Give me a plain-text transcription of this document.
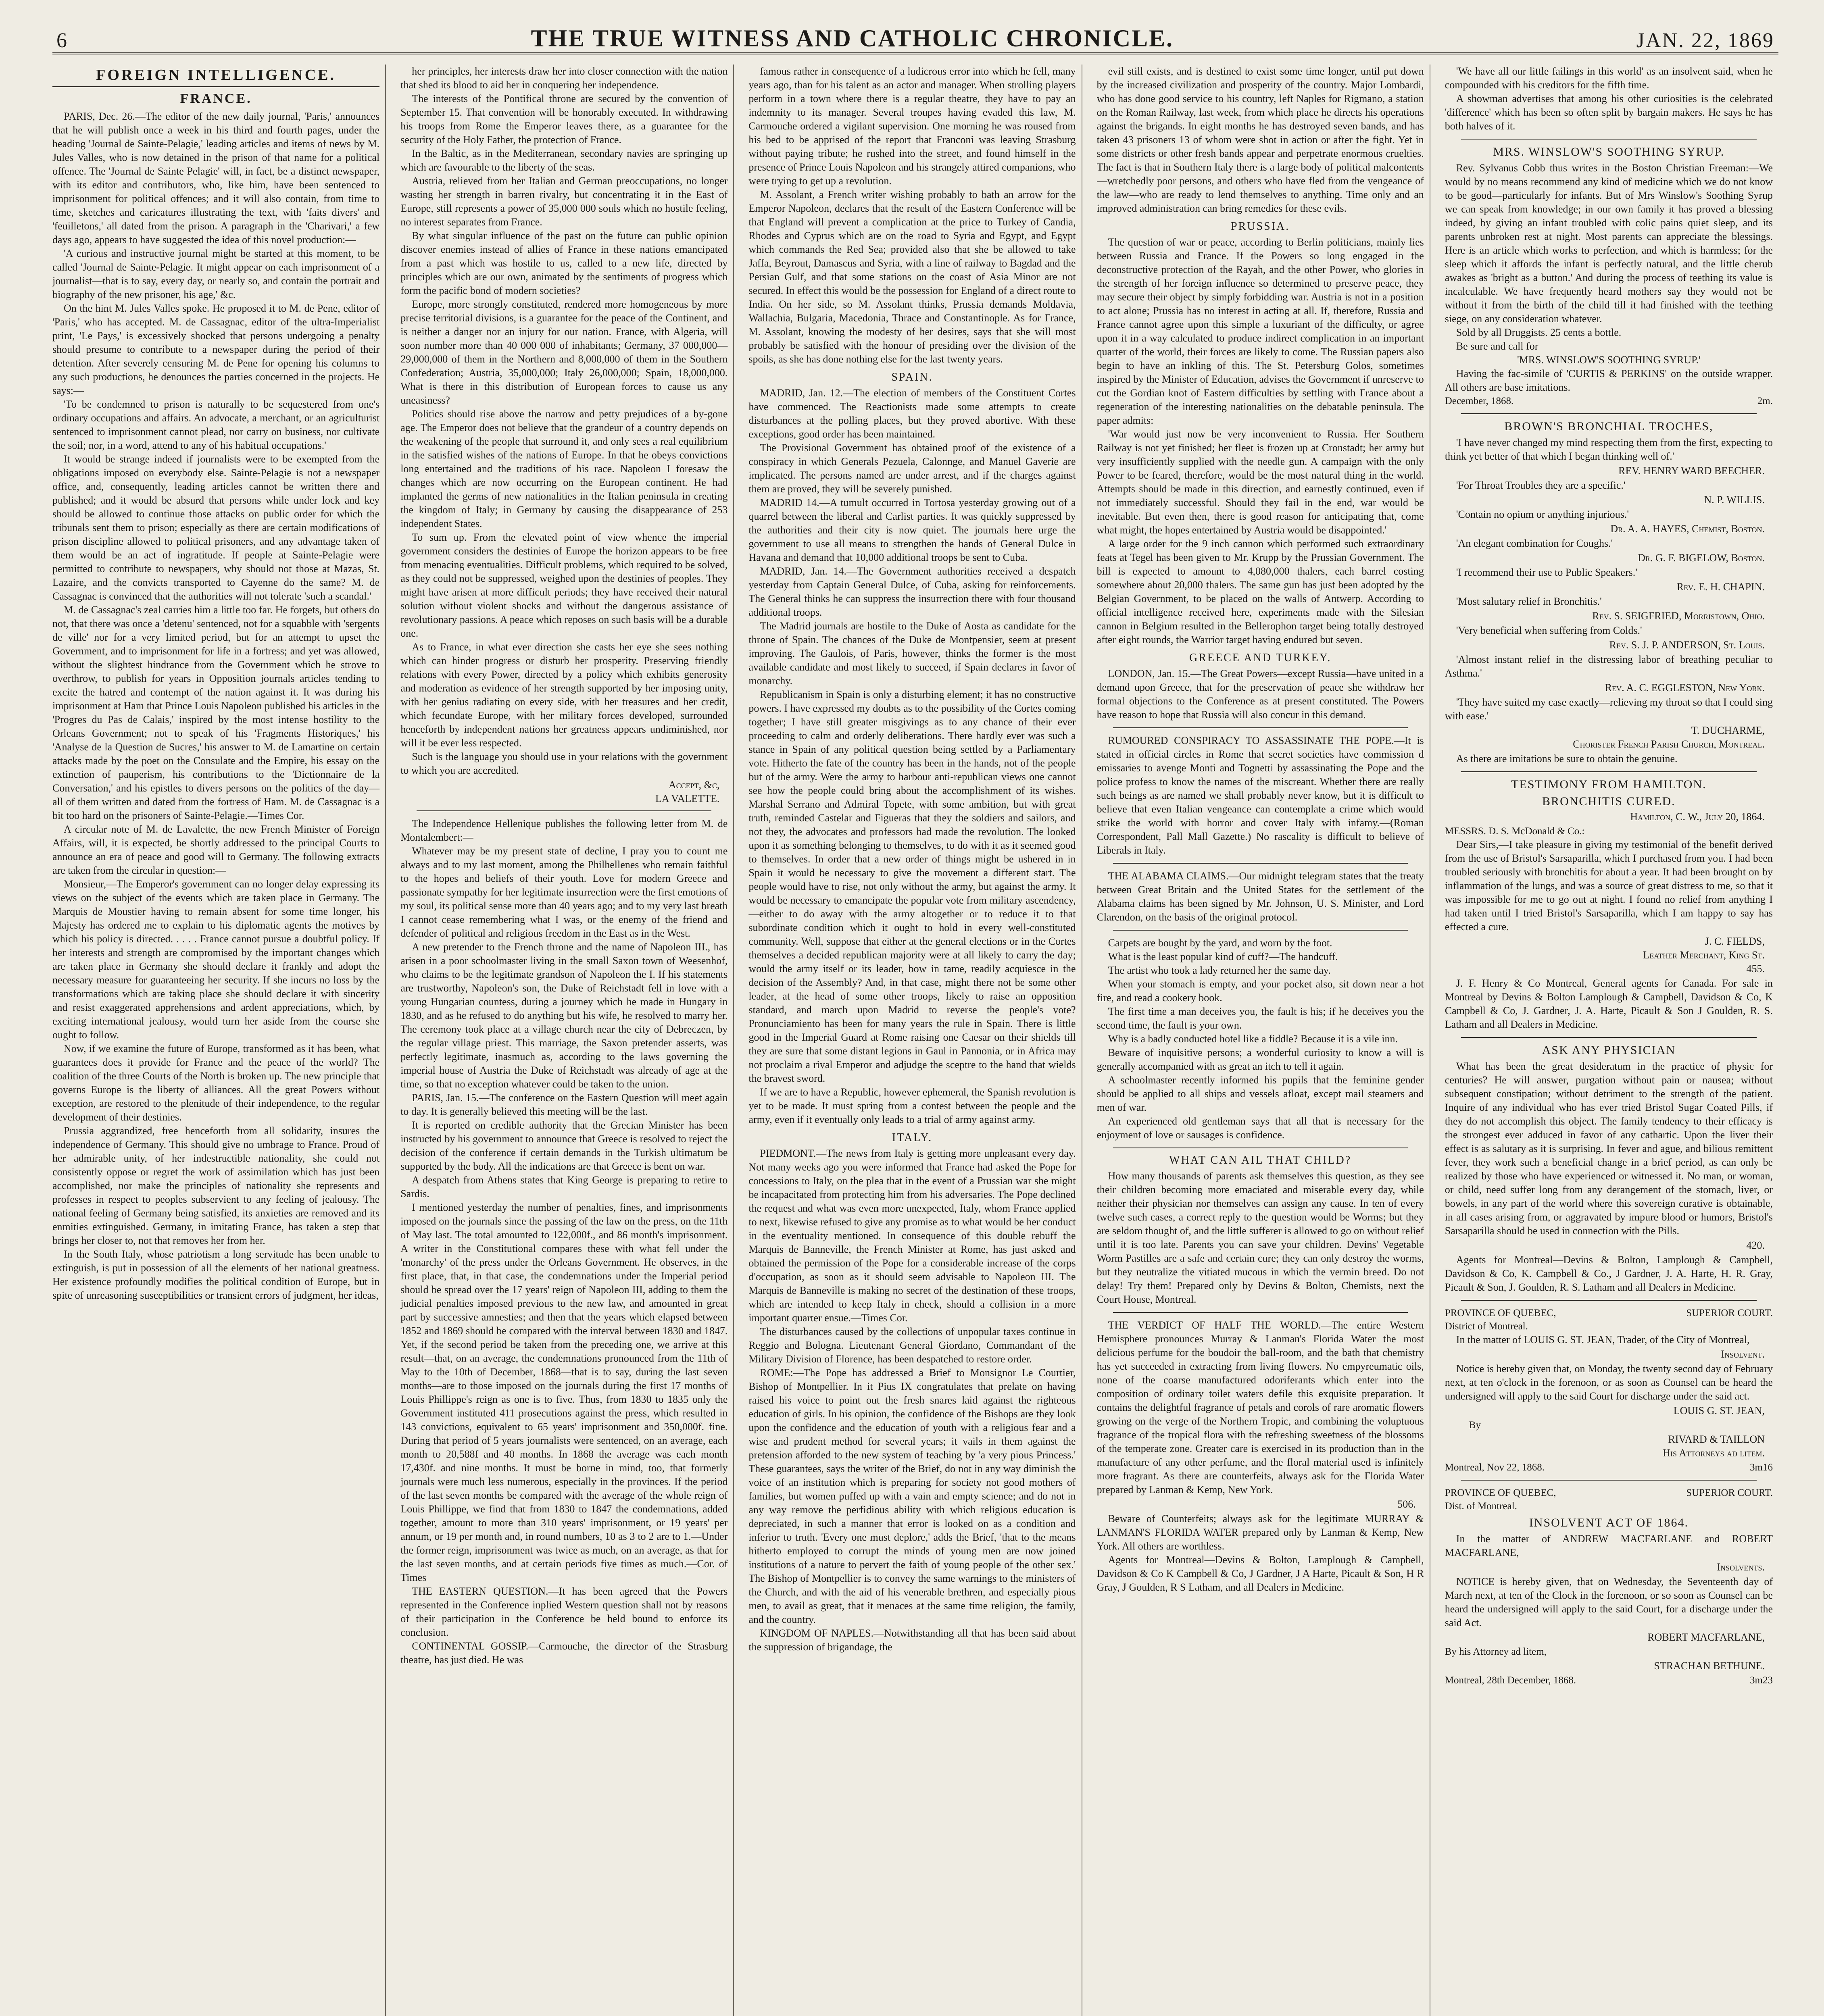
6	THE TRUE WITNESS AND CATHOLIC CHRONICLE.	JAN. 22, 1869
FOREIGN INTELLIGENCE.
FRANCE.

PARIS, Dec. 26.—The editor of the new daily journal, 'Paris,' announces that he will publish once a week in his third and fourth pages, under the heading 'Journal de Sainte-Pelagie,' leading articles and items of news by M. Jules Valles, who is now detained in the prison of that name for a political offence. The 'Journal de Sainte Pelagie' will, in fact, be a distinct newspaper, with its editor and contributors, who, like him, have been sentenced to imprisonment for political offences; and it will also contain, from time to time, sketches and caricatures illustrating the text, with 'faits divers' and 'feuilletons,' all dated from the prison. A paragraph in the 'Charivari,' a few days ago, appears to have suggested the idea of this novel production:—

'A curious and instructive journal might be started at this moment, to be called 'Journal de Sainte-Pelagie. It might appear on each imprisonment of a journalist—that is to say, every day, or nearly so, and contain the portrait and biography of the new prisoner, his age,' &c.

On the hint M. Jules Valles spoke. He proposed it to M. de Pene, editor of 'Paris,' who has accepted. M. de Cassagnac, editor of the ultra-Imperialist print, 'Le Pays,' is excessively shocked that persons undergoing a penalty should presume to contribute to a newspaper during the period of their detention. After severely censuring M. de Pene for opening his columns to any such productions, he denounces the parties concerned in the projects. He says:—

'To be condemned to prison is naturally to be sequestered from one's ordinary occupations and affairs. An advocate, a merchant, or an agriculturist sentenced to imprisonment cannot plead, nor carry on business, nor cultivate the soil; nor, in a word, attend to any of his habitual occupations.'

It would be strange indeed if journalists were to be exempted from the obligations imposed on everybody else. Sainte-Pelagie is not a newspaper office, and, consequently, leading articles cannot be written there and published; and it would be absurd that persons while under lock and key should be allowed to continue those attacks on public order for which the tribunals sent them to prison; especially as there are certain modifications of prison discipline allowed to political prisoners, and any advantage taken of them would be an act of ingratitude. If people at Sainte-Pelagie were permitted to contribute to newspapers, why should not those at Mazas, St. Lazaire, and the convicts transported to Cayenne do the same? M. de Cassagnac is convinced that the authorities will not tolerate 'such a scandal.'

M. de Cassagnac's zeal carries him a little too far. He forgets, but others do not, that there was once a 'detenu' sentenced, not for a squabble with 'sergents de ville' nor for a very limited period, but for an attempt to upset the Government, and to imprisonment for life in a fortress; and yet was allowed, without the slightest hindrance from the Government which he strove to overthrow, to publish for years in Opposition journals articles tending to excite the hatred and contempt of the nation against it. It was during his imprisonment at Ham that Prince Louis Napoleon published his articles in the 'Progres du Pas de Calais,' inspired by the most intense hostility to the Orleans Government; not to speak of his 'Fragments Historiques,' his 'Analyse de la Question de Sucres,' his answer to M. de Lamartine on certain attacks made by the poet on the Consulate and the Empire, his essay on the extinction of pauperism, his contributions to the 'Dictionnaire de la Conversation,' and his epistles to divers persons on the politics of the day—all of them written and dated from the fortress of Ham. M. de Cassagnac is a bit too hard on the prisoners of Sainte-Pelagie.—Times Cor.

A circular note of M. de Lavalette, the new French Minister of Foreign Affairs, will, it is expected, be shortly addressed to the principal Courts to announce an era of peace and good will to Germany. The following extracts are taken from the circular in question:—

Monsieur,—The Emperor's government can no longer delay expressing its views on the subject of the events which are taken place in Germany. The Marquis de Moustier having to remain absent for some time longer, his Majesty has ordered me to explain to his diplomatic agents the motives by which his policy is directed. . . . . France cannot pursue a doubtful policy. If her interests and strength are compromised by the important changes which are taken place in Germany she should declare it frankly and adopt the necessary measure for guaranteeing her security. If she incurs no loss by the transformations which are taking place she should declare it with sincerity and resist exaggerated apprehensions and ardent appreciations, which, by exciting international jealousy, would turn her aside from the course she ought to follow.

Now, if we examine the future of Europe, transformed as it has been, what guarantees does it provide for France and the peace of the world? The coalition of the three Courts of the North is broken up. The new principle that governs Europe is the liberty of alliances. All the great Powers without exception, are restored to the plenitude of their independence, to the regular development of their destinies.

Prussia aggrandized, free henceforth from all solidarity, insures the independence of Germany. This should give no umbrage to France. Proud of her admirable unity, of her indestructible nationality, she could not consistently oppose or regret the work of assimilation which has just been accomplished, nor make the principles of nationality she represents and professes in respect to peoples subservient to any feeling of jealousy. The national feeling of Germany being satisfied, its anxieties are removed and its enmities extinguished. Germany, in imitating France, has taken a step that brings her closer to, not that removes her from her.

In the South Italy, whose patriotism a long servitude has been unable to extinguish, is put in possession of all the elements of her national greatness. Her existence profoundly modifies the political condition of Europe, but in spite of unreasoning susceptibilities or transient errors of judgment, her ideas,

her principles, her interests draw her into closer connection with the nation that shed its blood to aid her in conquering her independence.

The interests of the Pontifical throne are secured by the convention of September 15. That convention will be honorably executed. In withdrawing his troops from Rome the Emperor leaves there, as a guarantee for the security of the Holy Father, the protection of France.

In the Baltic, as in the Mediterranean, secondary navies are springing up which are favourable to the liberty of the seas.

Austria, relieved from her Italian and German preoccupations, no longer wasting her strength in barren rivalry, but concentrating it in the East of Europe, still represents a power of 35,000 000 souls which no hostile feeling, no interest separates from France.

By what singular influence of the past on the future can public opinion discover enemies instead of allies of France in these nations emancipated from a past which was hostile to us, called to a new life, directed by principles which are our own, animated by the sentiments of progress which form the pacific bond of modern societies?

Europe, more strongly constituted, rendered more homogeneous by more precise territorial divisions, is a guarantee for the peace of the Continent, and is neither a danger nor an injury for our nation. France, with Algeria, will soon number more than 40 000 000 of inhabitants; Germany, 37 000,000—29,000,000 of them in the Northern and 8,000,000 of them in the Southern Confederation; Austria, 35,000,000; Italy 26,000,000; Spain, 18,000,000. What is there in this distribution of European forces to cause us any uneasiness?

Politics should rise above the narrow and petty prejudices of a by-gone age. The Emperor does not believe that the grandeur of a country depends on the weakening of the people that surround it, and only sees a real equilibrium in the satisfied wishes of the nations of Europe. In that he obeys convictions long entertained and the traditions of his race. Napoleon I foresaw the changes which are now occurring on the European continent. He had implanted the germs of new nationalities in the Italian peninsula in creating the kingdom of Italy; in Germany by causing the disappearance of 253 independent States.

To sum up. From the elevated point of view whence the imperial government considers the destinies of Europe the horizon appears to be free from menacing eventualities. Difficult problems, which required to be solved, as they could not be suppressed, weighed upon the destinies of peoples. They might have arisen at more difficult periods; they have received their natural solution without violent shocks and without the dangerous assistance of revolutionary passions. A peace which reposes on such basis will be a durable one.

As to France, in what ever direction she casts her eye she sees nothing which can hinder progress or disturb her prosperity. Preserving friendly relations with every Power, directed by a policy which exhibits generosity and moderation as evidence of her strength supported by her imposing unity, with her genius radiating on every side, with her treasures and her credit, which fecundate Europe, with her military forces developed, surrounded henceforth by independent nations her greatness appears undiminished, nor will it be ever less respected.

Such is the language you should use in your relations with the government to which you are accredited.

Accept, &c,
LA VALETTE.

The Independence Hellenique publishes the following letter from M. de Montalembert:—

Whatever may be my present state of decline, I pray you to count me always and to my last moment, among the Philhellenes who remain faithful to the hopes and beliefs of their youth. Love for modern Greece and passionate sympathy for her legitimate insurrection were the first emotions of my soul, its political sense more than 40 years ago; and to my very last breath I cannot cease remembering what I was, or the enemy of the friend and defender of political and religious freedom in the East as in the West.

A new pretender to the French throne and the name of Napoleon III., has arisen in a poor schoolmaster living in the small Saxon town of Weesenhof, who claims to be the legitimate grandson of Napoleon the I. If his statements are trustworthy, Napoleon's son, the Duke of Reichstadt fell in love with a young Hungarian countess, during a journey which he made in Hungary in 1830, and as he refused to do anything but his wife, he resolved to marry her. The ceremony took place at a village church near the city of Debreczen, by the regular village priest. This marriage, the Saxon pretender asserts, was perfectly legitimate, inasmuch as, according to the laws governing the imperial house of Austria the Duke of Reichstadt was already of age at the time, so that no exception whatever could be taken to the union.

PARIS, Jan. 15.—The conference on the Eastern Question will meet again to day. It is generally believed this meeting will be the last.

It is reported on credible authority that the Grecian Minister has been instructed by his government to announce that Greece is resolved to reject the decision of the conference if certain demands in the Turkish ultimatum be supported by the body. All the indications are that Greece is bent on war.

A despatch from Athens states that King George is preparing to retire to Sardis.

I mentioned yesterday the number of penalties, fines, and imprisonments imposed on the journals since the passing of the law on the press, on the 11th of May last. The total amounted to 122,000f., and 86 month's imprisonment. A writer in the Constitutional compares these with what fell under the 'monarchy' of the press under the Orleans Government. He observes, in the first place, that, in that case, the condemnations under the Imperial period should be spread over the 17 years' reign of Napoleon III, adding to them the judicial penalties imposed previous to the new law, and amounted in great part by successive amnesties; and then that the years which elapsed between 1852 and 1869 should be compared with the interval between 1830 and 1847. Yet, if the second period be taken from the preceding one, we arrive at this result—that, on an average, the condemnations pronounced from the 11th of May to the 10th of December, 1868—that is to say, during the last seven months—are to those imposed on the journals during the first 17 months of Louis Phillippe's reign as one is to five. Thus, from 1830 to 1835 only the Government instituted 411 prosecutions against the press, which resulted in 143 convictions, equivalent to 65 years' imprisonment and 350,000f. fine. During that period of 5 years journalists were sentenced, on an average, each month to 20,588f and 40 months. In 1868 the average was each month 17,430f. and nine months. It must be borne in mind, too, that formerly journals were much less numerous, especially in the provinces. If the period of the last seven months be compared with the average of the whole reign of Louis Phillippe, we find that from 1830 to 1847 the condemnations, added together, amount to more than 310 years' imprisonment, or 19 years' per annum, or 19 per month and, in round numbers, 10 as 3 to 2 are to 1.—Under the former reign, imprisonment was twice as much, on an average, as that for the last seven months, and at certain periods five times as much.—Cor. of Times

THE EASTERN QUESTION.—It has been agreed that the Powers represented in the Conference inplied Western question shall not by reasons of their participation in the Conference be held bound to enforce its conclusion.

CONTINENTAL GOSSIP.—Carmouche, the director of the Strasburg theatre, has just died. He was

famous rather in consequence of a ludicrous error into which he fell, many years ago, than for his talent as an actor and manager. When strolling players perform in a town where there is a regular theatre, they have to pay an indemnity to its manager. Several troupes having evaded this law, M. Carmouche ordered a vigilant supervision. One morning he was roused from his bed to be apprised of the report that Franconi was leaving Strasburg without paying tribute; he rushed into the street, and found himself in the presence of Prince Louis Napoleon and his strangely attired companions, who were trying to get up a revolution.

M. Assolant, a French writer wishing probably to bath an arrow for the Emperor Napoleon, declares that the result of the Eastern Conference will be that England will prevent a complication at the price to Turkey of Candia, Rhodes and Cyprus which are on the road to Syria and Egypt, and Egypt which commands the Red Sea; provided also that she be allowed to take Jaffa, Beyrout, Damascus and Syria, with a line of railway to Bagdad and the Persian Gulf, and that some stations on the coast of Asia Minor are not secured. In effect this would be the possession for England of a direct route to India. On her side, so M. Assolant thinks, Prussia demands Moldavia, Wallachia, Bulgaria, Macedonia, Thrace and Constantinople. As for France, M. Assolant, knowing the modesty of her desires, says that she will most probably be satisfied with the honour of presiding over the division of the spoils, as she has done nothing else for the last twenty years.

SPAIN.

MADRID, Jan. 12.—The election of members of the Constituent Cortes have commenced. The Reactionists made some attempts to create disturbances at the polling places, but they proved abortive. With these exceptions, good order has been maintained.

The Provisional Government has obtained proof of the existence of a conspiracy in which Generals Pezuela, Calonnge, and Manuel Gaverie are implicated. The persons named are under arrest, and if the charges against them are proved, they will be severely punished.

MADRID 14.—A tumult occurred in Tortosa yesterday growing out of a quarrel between the liberal and Carlist parties. It was quickly suppressed by the authorities and their city is now quiet. The journals here urge the government to use all means to strengthen the hands of General Dulce in Havana and demand that 10,000 additional troops be sent to Cuba.

MADRID, Jan. 14.—The Government authorities received a despatch yesterday from Captain General Dulce, of Cuba, asking for reinforcements. The General thinks he can suppress the insurrection there with four thousand additional troops.

The Madrid journals are hostile to the Duke of Aosta as candidate for the throne of Spain. The chances of the Duke de Montpensier, seem at present improving. The Gaulois, of Paris, however, thinks the former is the most available candidate and most likely to succeed, if Spain declares in favor of monarchy.

Republicanism in Spain is only a disturbing element; it has no constructive powers. I have expressed my doubts as to the possibility of the Cortes coming together; I have still greater misgivings as to any chance of their ever proceeding to calm and orderly deliberations. There hardly ever was such a stance in Spain of any political question being settled by a Parliamentary vote. Hitherto the fate of the country has been in the hands, not of the people but of the army. Were the army to harbour anti-republican views one cannot see how the people could bring about the accomplishment of its wishes. Marshal Serrano and Admiral Topete, with some ambition, but with great truth, reminded Castelar and Figueras that they the soldiers and sailors, and not they, the advocates and professors had made the revolution. The looked upon it as something belonging to themselves, to do with it as it seemed good to themselves. In order that a new order of things might be ushered in in Spain it would be necessary to give the movement a different start. The people would have to rise, not only without the army, but against the army. It would be necessary to emancipate the popular vote from military ascendency,—either to do away with the army altogether or to reduce it to that subordinate condition which it ought to hold in every well-constituted community. Well, suppose that either at the general elections or in the Cortes themselves a decided republican majority were at all likely to carry the day; would the army itself or its leader, bow in tame, readily acquiesce in the decision of the Assembly? And, in that case, might there not be some other leader, at the head of some other troops, likely to raise an opposition standard, and march upon Madrid to reverse the people's vote? Pronunciamiento has been for many years the rule in Spain. There is little good in the Imperial Guard at Rome raising one Caesar on their shields till they are sure that some distant legions in Gaul in Pannonia, or in Africa may not proclaim a rival Emperor and adjudge the sceptre to the hand that wields the bravest sword.

If we are to have a Republic, however ephemeral, the Spanish revolution is yet to be made. It must spring from a contest between the people and the army, even if it eventually only leads to a trial of army against army.

ITALY.

PIEDMONT.—The news from Italy is getting more unpleasant every day. Not many weeks ago you were informed that France had asked the Pope for concessions to Italy, on the plea that in the event of a Prussian war she might be incapacitated from protecting him from his adversaries. The Pope declined the request and what was even more unexpected, Italy, whom France applied to next, likewise refused to give any promise as to what would be her conduct in the eventuality mentioned. In consequence of this double rebuff the Marquis de Banneville, the French Minister at Rome, has just asked and obtained the permission of the Pope for a considerable increase of the corps d'occupation, as soon as it should seem advisable to Napoleon III. The Marquis de Banneville is making no secret of the destination of these troops, which are intended to keep Italy in check, should a collision in a more important quarter ensue.—Times Cor.

The disturbances caused by the collections of unpopular taxes continue in Reggio and Bologna. Lieutenant General Giordano, Commandant of the Military Division of Florence, has been despatched to restore order.

ROME:—The Pope has addressed a Brief to Monsignor Le Courtier, Bishop of Montpellier. In it Pius IX congratulates that prelate on having raised his voice to point out the fresh snares laid against the righteous education of girls. In his opinion, the confidence of the Bishops are they look upon the confidence and the education of youth with a religious fear and a wise and prudent method for several years; it vails in them against the pretension afforded to the new system of teaching by 'a very pious Princess.' These guarantees, says the writer of the Brief, do not in any way diminish the voice of an institution which is preparing for society not good mothers of families, but women puffed up with a vain and empty science; and do not in any way remove the perfidious ability with which religious education is depreciated, in such a manner that error is looked on as a condition and inferior to truth. 'Every one must deplore,' adds the Brief, 'that to the means hitherto employed to corrupt the minds of young men are now joined institutions of a nature to pervert the faith of young people of the other sex.' The Bishop of Montpellier is to convey the same warnings to the ministers of the Church, and with the aid of his venerable brethren, and especially pious men, to avail as great, that it menaces at the same time religion, the family, and the country.

KINGDOM OF NAPLES.—Notwithstanding all that has been said about the suppression of brigandage, the

evil still exists, and is destined to exist some time longer, until put down by the increased civilization and prosperity of the country. Major Lombardi, who has done good service to his country, left Naples for Rigmano, a station on the Roman Railway, last week, from which place he directs his operations against the brigands. In eight months he has destroyed seven bands, and has taken 43 prisoners 13 of whom were shot in action or after the fight. Yet in some districts or other fresh bands appear and perpetrate enormous cruelties. The fact is that in Southern Italy there is a large body of political malcontents—wretchedly poor persons, and others who have fled from the vengeance of the law—who are ready to lend themselves to anything. Time only and an improved administration can bring remedies for these evils.

PRUSSIA.

The question of war or peace, according to Berlin politicians, mainly lies between Russia and France. If the Powers so long engaged in the deconstructive protection of the Rayah, and the other Power, who glories in the strength of her foreign influence so determined to preserve peace, they may secure their object by simply forbidding war. Austria is not in a position to act alone; Prussia has no interest in acting at all. If, therefore, Russia and France cannot agree upon this simple a luxuriant of the difficulty, or agree upon it in a way calculated to produce indirect complication in an important quarter of the world, their forces are likely to come. The Russian papers also begin to have an inkling of this. The St. Petersburg Golos, sometimes inspired by the Minister of Education, advises the Government if unreserve to cut the Gordian knot of Eastern difficulties by settling with France about a regeneration of the interesting nationalities on the debatable peninsula. The paper admits:

'War would just now be very inconvenient to Russia. Her Southern Railway is not yet finished; her fleet is frozen up at Cronstadt; her army but very insufficiently supplied with the needle gun. A campaign with the only Power to be feared, therefore, would be the most natural thing in the world. Attempts should be made in this direction, and earnestly continued, even if not immediately successful. Should they fail in the end, war would be inevitable. But even then, there is good reason for anticipating that, come what might, the hopes entertained by Austria would be disappointed.'

A large order for the 9 inch cannon which performed such extraordinary feats at Tegel has been given to Mr. Krupp by the Prussian Government. The bill is expected to amount to 4,080,000 thalers, each barrel costing somewhere about 20,000 thalers. The same gun has just been adopted by the Belgian Government, to be placed on the walls of Antwerp. According to official intelligence received here, experiments made with the Silesian cannon in Belgium resulted in the Bellerophon target being totally destroyed after eight rounds, the Warrior target having endured but seven.

GREECE AND TURKEY.

LONDON, Jan. 15.—The Great Powers—except Russia—have united in a demand upon Greece, that for the preservation of peace she withdraw her formal objections to the Conference as at present constituted. The Powers have reason to hope that Russia will also concur in this demand.

RUMOURED CONSPIRACY TO ASSASSINATE THE POPE.—It is stated in official circles in Rome that secret societies have commission d emissaries to avenge Monti and Tognetti by assassinating the Pope and the police profess to know the names of the miscreant. Whether there are really such beings as are named we shall probably never know, but it is difficult to believe that even Italian vengeance can contemplate a crime which would strike the world with horror and cover Italy with infamy.—(Roman Correspondent, Pall Mall Gazette.) No rascality is difficult to believe of Liberals in Italy.

THE ALABAMA CLAIMS.—Our midnight telegram states that the treaty between Great Britain and the United States for the settlement of the Alabama claims has been signed by Mr. Johnson, U. S. Minister, and Lord Clarendon, on the basis of the original protocol.

Carpets are bought by the yard, and worn by the foot.

What is the least popular kind of cuff?—The handcuff.

The artist who took a lady returned her the same day.

When your stomach is empty, and your pocket also, sit down near a hot fire, and read a cookery book.

The first time a man deceives you, the fault is his; if he deceives you the second time, the fault is your own.

Why is a badly conducted hotel like a fiddle? Because it is a vile inn.

Beware of inquisitive persons; a wonderful curiosity to know a will is generally accompanied with as great an itch to tell it again.

A schoolmaster recently informed his pupils that the feminine gender should be applied to all ships and vessels afloat, except mail steamers and men of war.

An experienced old gentleman says that all that is necessary for the enjoyment of love or sausages is confidence.

WHAT CAN AIL THAT CHILD?

How many thousands of parents ask themselves this question, as they see their children becoming more emaciated and miserable every day, while neither their physician nor themselves can assign any cause. In ten of every twelve such cases, a correct reply to the question would be Worms; but they are seldom thought of, and the little sufferer is allowed to go on without relief until it is too late. Parents you can save your children. Devins' Vegetable Worm Pastilles are a safe and certain cure; they can only destroy the worms, but they neutralize the vitiated mucous in which the vermin breed. Do not delay! Try them! Prepared only by Devins & Bolton, Chemists, next the Court House, Montreal.

THE VERDICT OF HALF THE WORLD.—The entire Western Hemisphere pronounces Murray & Lanman's Florida Water the most delicious perfume for the boudoir the ball-room, and the bath that chemistry has yet succeeded in extracting from living flowers. No empyreumatic oils, none of the coarse manufactured odoriferants which enter into the composition of ordinary toilet waters defile this exquisite preparation. It contains the delightful fragrance of petals and corols of rare aromatic flowers growing on the verge of the Northern Tropic, and combining the voluptuous fragrance of the tropical flora with the refreshing sweetness of the blossoms of the temperate zone. Greater care is exercised in its production than in the manufacture of any other perfume, and the floral material used is infinitely more fragrant. As there are counterfeits, always ask for the Florida Water prepared by Lanman & Kemp, New York.

506.

Beware of Counterfeits; always ask for the legitimate MURRAY & LANMAN'S FLORIDA WATER prepared only by Lanman & Kemp, New York. All others are worthless.

Agents for Montreal—Devins & Bolton, Lamplough & Campbell, Davidson & Co K Campbell & Co, J Gardner, J A Harte, Picault & Son, H R Gray, J Goulden, R S Latham, and all Dealers in Medicine.

'We have all our little failings in this world' as an insolvent said, when he compounded with his creditors for the fifth time.

A showman advertises that among his other curiosities is the celebrated 'difference' which has been so often split by bargain makers. He says he has both halves of it.

MRS. WINSLOW'S SOOTHING SYRUP.

Rev. Sylvanus Cobb thus writes in the Boston Christian Freeman:—We would by no means recommend any kind of medicine which we do not know to be good—particularly for infants. But of Mrs Winslow's Soothing Syrup we can speak from knowledge; in our own family it has proved a blessing indeed, by giving an infant troubled with colic pains quiet sleep, and its parents unbroken rest at night. Most parents can appreciate the blessings. Here is an article which works to perfection, and which is harmless; for the sleep which it affords the infant is perfectly natural, and the little cherub awakes as 'bright as a button.' And during the process of teething its value is incalculable. We have frequently heard mothers say they would not be without it from the birth of the child till it had finished with the teething siege, on any consideration whatever.

Sold by all Druggists. 25 cents a bottle.

Be sure and call for

'MRS. WINSLOW'S SOOTHING SYRUP.'

Having the fac-simile of 'CURTIS & PERKINS' on the outside wrapper. All others are base imitations.

December, 1868.	2m.
BROWN'S BRONCHIAL TROCHES,

'I have never changed my mind respecting them from the first, expecting to think yet better of that which I began thinking well of.'

REV. HENRY WARD BEECHER.

'For Throat Troubles they are a specific.'

N. P. WILLIS.

'Contain no opium or anything injurious.'

Dr. A. A. HAYES, Chemist, Boston.

'An elegant combination for Coughs.'

Dr. G. F. BIGELOW, Boston.

'I recommend their use to Public Speakers.'

Rev. E. H. CHAPIN.

'Most salutary relief in Bronchitis.'

Rev. S. SEIGFRIED, Morristown, Ohio.

'Very beneficial when suffering from Colds.'

Rev. S. J. P. ANDERSON, St. Louis.

'Almost instant relief in the distressing labor of breathing peculiar to Asthma.'

Rev. A. C. EGGLESTON, New York.

'They have suited my case exactly—relieving my throat so that I could sing with ease.'

T. DUCHARME,
Chorister French Parish Church, Montreal.

As there are imitations be sure to obtain the genuine.

TESTIMONY FROM HAMILTON.
BRONCHITIS CURED.
Hamilton, C. W., July 20, 1864.

MESSRS. D. S. McDonald & Co.:

Dear Sirs,—I take pleasure in giving my testimonial of the benefit derived from the use of Bristol's Sarsaparilla, which I purchased from you. I had been troubled seriously with bronchitis for about a year. It had been brought on by inflammation of the lungs, and was a source of great distress to me, so that it was impossible for me to go out at night. I found no relief from anything I had taken until I tried Bristol's Sarsaparilla, which I am happy to say has effected a cure.

J. C. FIELDS,
Leather Merchant, King St.
455.

J. F. Henry & Co Montreal, General agents for Canada. For sale in Montreal by Devins & Bolton Lamplough & Campbell, Davidson & Co, K Campbell & Co, J. Gardner, J. A. Harte, Picault & Son J Goulden, R. S. Latham and all Dealers in Medicine.

ASK ANY PHYSICIAN

What has been the great desideratum in the practice of physic for centuries? He will answer, purgation without pain or nausea; without subsequent constipation; without detriment to the strength of the patient. Inquire of any individual who has ever tried Bristol Sugar Coated Pills, if they do not accomplish this object. The family tendency to their efficacy is the strongest ever adduced in favor of any cathartic. Upon the liver their effect is as salutary as it is surprising. In fever and ague, and bilious remittent fever, they work such a beneficial change in a brief period, as can only be realized by those who have experienced or witnessed it. No man, or woman, or child, need suffer long from any derangement of the stomach, liver, or bowels, in any part of the world where this sovereign curative is obtainable, in all cases arising from, or aggravated by impure blood or humors, Bristol's Sarsaparilla should be used in connection with the Pills.

420.

Agents for Montreal—Devins & Bolton, Lamplough & Campbell, Davidson & Co, K. Campbell & Co., J Gardner, J. A. Harte, H. R. Gray, Picault & Son, J. Goulden, R. S. Latham and all Dealers in Medicine.

PROVINCE OF QUEBEC,
District of Montreal.
SUPERIOR COURT.

In the matter of LOUIS G. ST. JEAN, Trader, of the City of Montreal,

Insolvent.

Notice is hereby given that, on Monday, the twenty second day of February next, at ten o'clock in the forenoon, or as soon as Counsel can be heard the undersigned will apply to the said Court for discharge under the said act.

LOUIS G. ST. JEAN,
By
RIVARD & TAILLON
His Attorneys ad litem.
Montreal, Nov 22, 1868.	3m16
PROVINCE OF QUEBEC,
Dist. of Montreal.
SUPERIOR COURT.
INSOLVENT ACT OF 1864.

In the matter of ANDREW MACFARLANE and ROBERT MACFARLANE,

Insolvents.

NOTICE is hereby given, that on Wednesday, the Seventeenth day of March next, at ten of the Clock in the forenoon, or so soon as Counsel can be heard the undersigned will apply to the said Court, for a discharge under the said Act.

ROBERT MACFARLANE,
By his Attorney ad litem,
STRACHAN BETHUNE.
Montreal, 28th December, 1868.	3m23
